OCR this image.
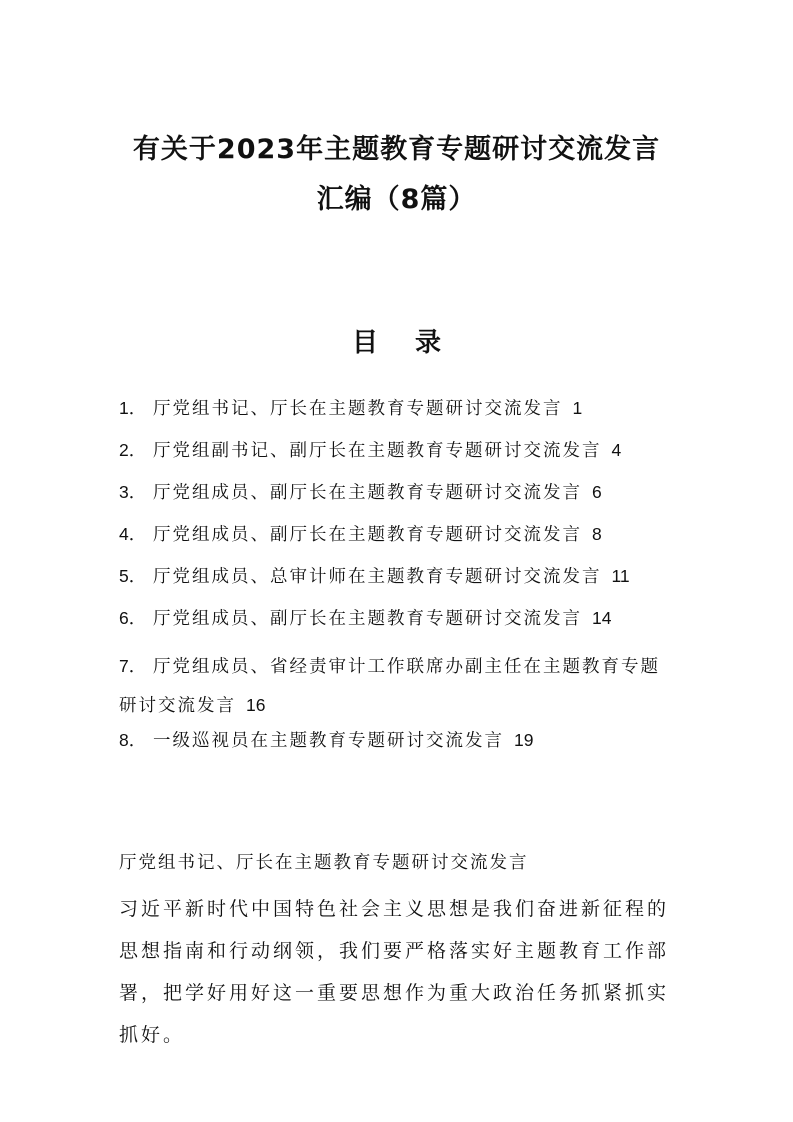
有关于2023年主题教育专题研讨交流发言
汇编（8篇）
目 录
1． 厅党组书记、厅长在主题教育专题研讨交流发言 1
2． 厅党组副书记、副厅长在主题教育专题研讨交流发言 4
3． 厅党组成员、副厅长在主题教育专题研讨交流发言 6
4． 厅党组成员、副厅长在主题教育专题研讨交流发言 8
5． 厅党组成员、总审计师在主题教育专题研讨交流发言 11
6． 厅党组成员、副厅长在主题教育专题研讨交流发言 14
7． 厅党组成员、省经责审计工作联席办副主任在主题教育专题研讨交流发言 16
8． 一级巡视员在主题教育专题研讨交流发言 19

厅党组书记、厅长在主题教育专题研讨交流发言

习近平新时代中国特色社会主义思想是我们奋进新征程的思想指南和行动纲领，我们要严格落实好主题教育工作部署，把学好用好这一重要思想作为重大政治任务抓紧抓实抓好。
